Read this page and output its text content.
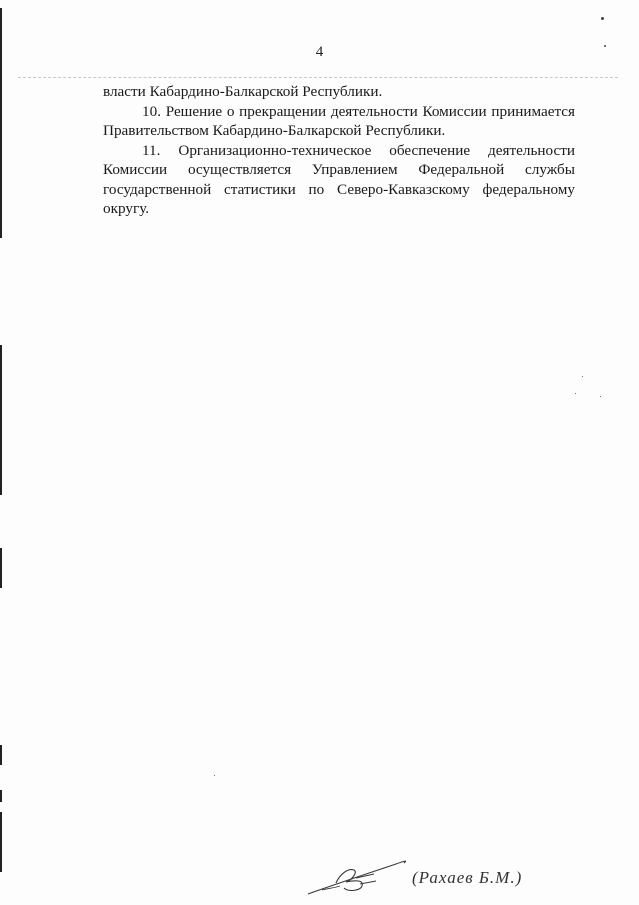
4

власти Кабардино-Балкарской Республики.

10. Решение о прекращении деятельности Комиссии принимается Правительством Кабардино-Балкарской Республики.

11. Организационно-техническое обеспечение деятельности Комиссии осуществляется Управлением Федеральной службы государственной статистики по Северо-Кавказскому федеральному округу.

(Рахаев Б.М.)
